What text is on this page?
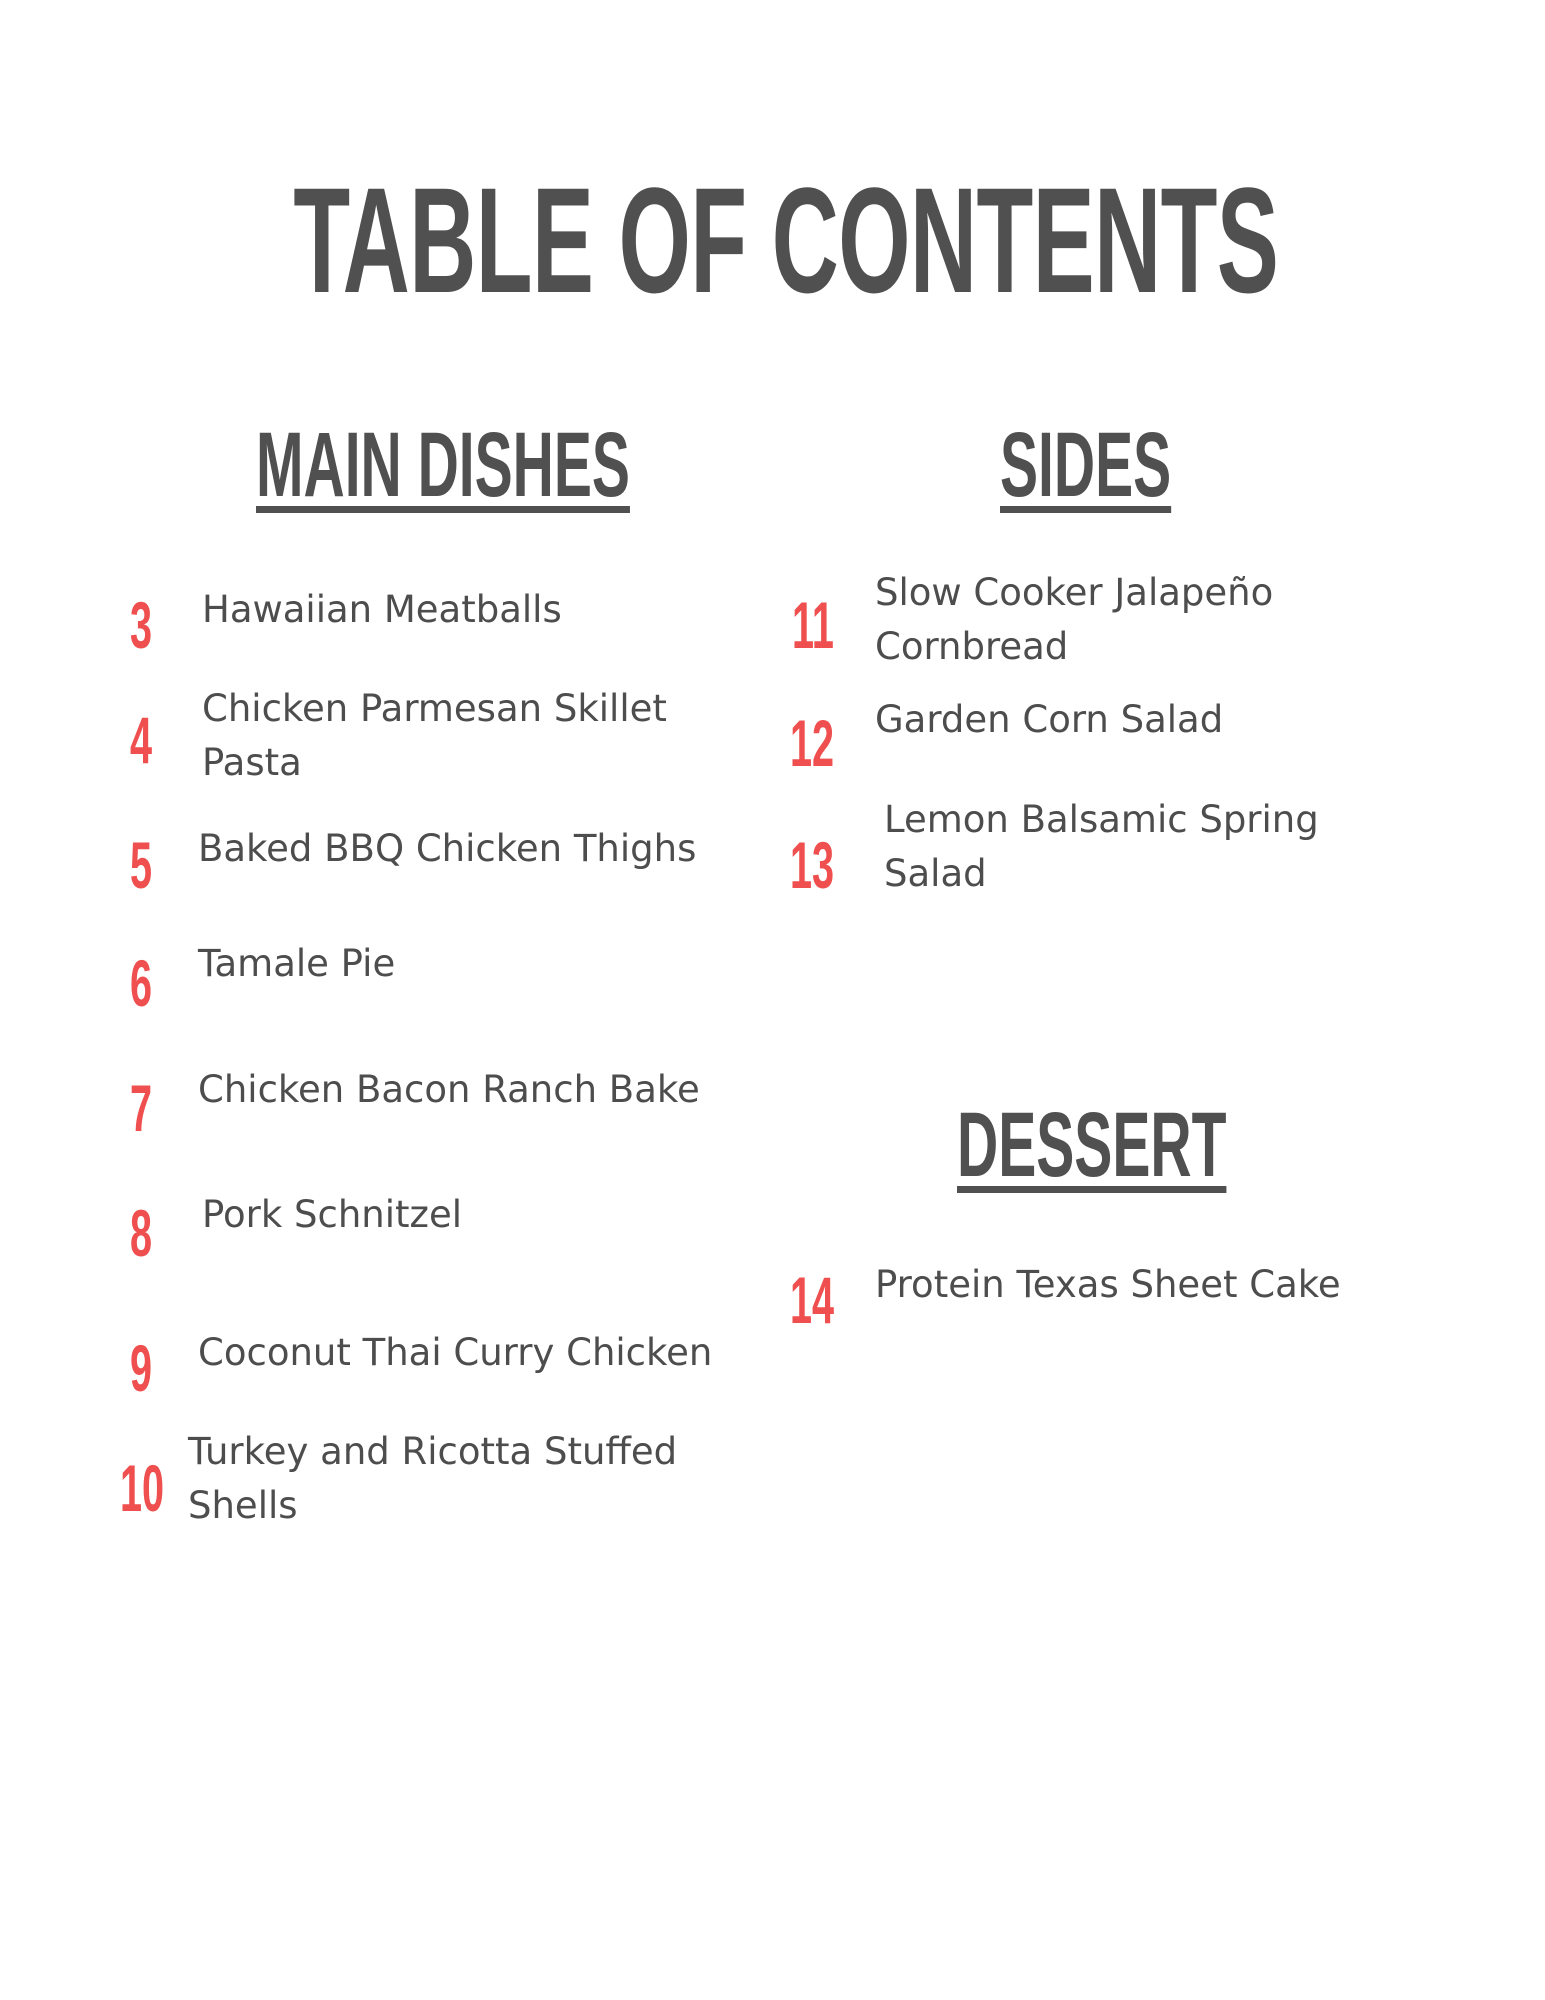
TABLE OF CONTENTS
MAIN DISHES
3 Hawaiian Meatballs
4 Chicken Parmesan Skillet Pasta
5 Baked BBQ Chicken Thighs
6 Tamale Pie
7 Chicken Bacon Ranch Bake
8 Pork Schnitzel
9 Coconut Thai Curry Chicken
10 Turkey and Ricotta Stuffed Shells
SIDES
11 Slow Cooker Jalapeño Cornbread
12 Garden Corn Salad
13
Lemon Balsamic Spring Salad
DESSERT
14 Protein Texas Sheet Cake
